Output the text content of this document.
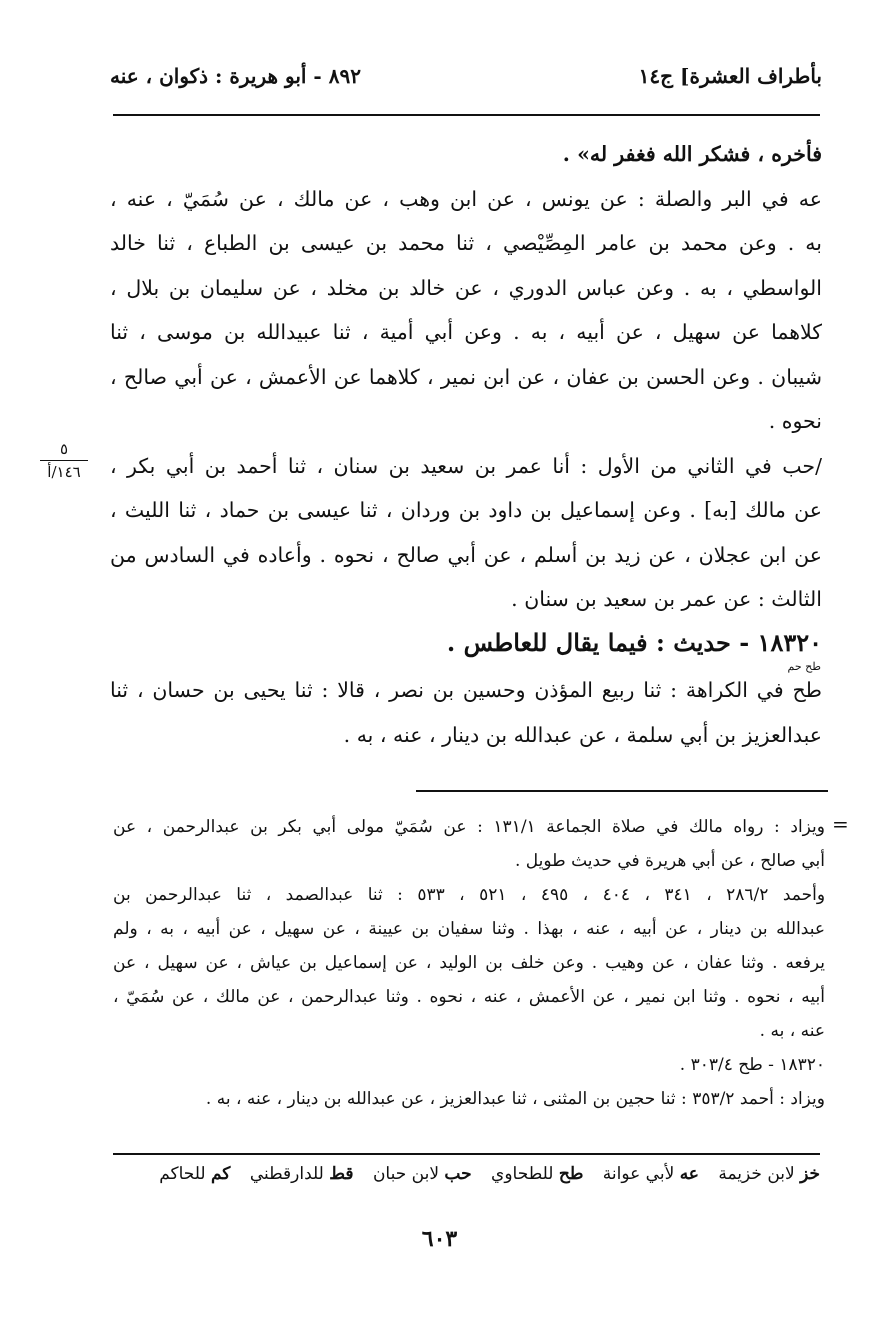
بأطراف العشرة] ج١٤
٨٩٢ - أبو هريرة : ذكوان ، عنه

فأخره ، فشكر الله فغفر له» .

عه في البر والصلة : عن يونس ، عن ابن وهب ، عن مالك ، عن سُمَيّ ، عنه ،
به . وعن محمد بن عامر المِصِّيْصي ، ثنا محمد بن عيسى بن الطباع ، ثنا خالد
الواسطي ، به . وعن عباس الدوري ، عن خالد بن مخلد ، عن سليمان بن بلال ،
كلاهما عن سهيل ، عن أبيه ، به . وعن أبي أمية ، ثنا عبيدالله بن موسى ، ثنا
شيبان . وعن الحسن بن عفان ، عن ابن نمير ، كلاهما عن الأعمش ، عن أبي صالح ،
نحوه .

/حب في الثاني من الأول : أنا عمر بن سعيد بن سنان ، ثنا أحمد بن أبي بكر ،
عن مالك [به] . وعن إسماعيل بن داود بن وردان ، ثنا عيسى بن حماد ، ثنا الليث ،
عن ابن عجلان ، عن زيد بن أسلم ، عن أبي صالح ، نحوه . وأعاده في السادس من
الثالث : عن عمر بن سعيد بن سنان .

٥
١٤٦/أ
١٨٣٢٠ - حديث : فيما يقال للعاطس .
طح حم

طح في الكراهة : ثنا ربيع المؤذن وحسين بن نصر ، قالا : ثنا يحيى بن حسان ، ثنا
عبدالعزيز بن أبي سلمة ، عن عبدالله بن دينار ، عنه ، به .

=
ويزاد : رواه مالك في صلاة الجماعة ١٣١/١ : عن سُمَيّ مولى أبي بكر بن عبدالرحمن ، عن
أبي صالح ، عن أبي هريرة في حديث طويل .
وأحمد ٢٨٦/٢ ، ٣٤١ ، ٤٠٤ ، ٤٩٥ ، ٥٢١ ، ٥٣٣ : ثنا عبدالصمد ، ثنا عبدالرحمن بن
عبدالله بن دينار ، عن أبيه ، عنه ، بهذا . وثنا سفيان بن عيينة ، عن سهيل ، عن أبيه ، به ، ولم
يرفعه . وثنا عفان ، عن وهيب . وعن خلف بن الوليد ، عن إسماعيل بن عياش ، عن سهيل ، عن
أبيه ، نحوه . وثنا ابن نمير ، عن الأعمش ، عنه ، نحوه . وثنا عبدالرحمن ، عن مالك ، عن سُمَيّ ،
عنه ، به .
١٨٣٢٠ - طح ٣٠٣/٤ .
ويزاد : أحمد ٣٥٣/٢ : ثنا حجين بن المثنى ، ثنا عبدالعزيز ، عن عبدالله بن دينار ، عنه ، به .
خز لابن خزيمة عه لأبي عوانة طح للطحاوي حب لابن حبان قط للدارقطني كم للحاكم
٦٠٣
